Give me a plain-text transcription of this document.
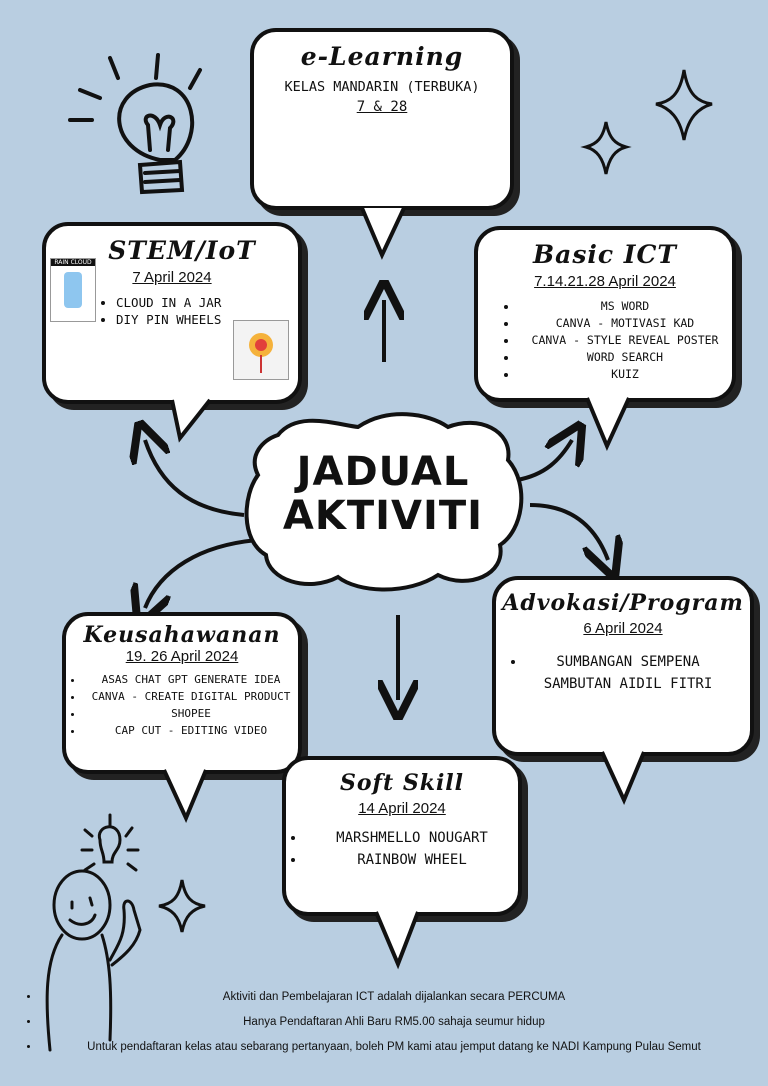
e-Learning
KELAS MANDARIN (TERBUKA)
7 & 28
STEM/IoT
7 April 2024
• CLOUD IN A JAR
• DIY PIN WHEELS
RAIN CLOUD	Basic ICT
7.14.21.28 April 2024
• MS WORD
• CANVA - MOTIVASI KAD
• CANVA - STYLE REVEAL POSTER
• WORD SEARCH
• KUIZ
JADUAL
AKTIVITI
Advokasi/Program
6 April 2024
• SUMBANGAN SEMPENA SAMBUTAN AIDIL FITRI
Keusahawanan
19. 26 April 2024
• ASAS CHAT GPT GENERATE IDEA
• CANVA - CREATE DIGITAL PRODUCT
• SHOPEE
• CAP CUT - EDITING VIDEO
Soft Skill
14 April 2024
• MARSHMELLO NOUGART
• RAINBOW WHEEL
• Aktiviti dan Pembelajaran ICT adalah dijalankan secara PERCUMA
• Hanya Pendaftaran Ahli Baru RM5.00 sahaja seumur hidup
• Untuk pendaftaran kelas atau sebarang pertanyaan, boleh PM kami atau jemput datang ke NADI Kampung Pulau Semut
